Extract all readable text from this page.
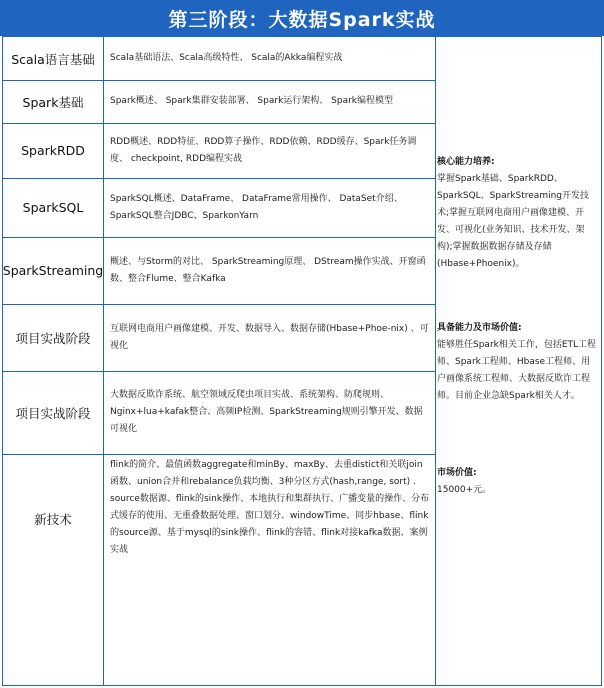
第三阶段：大数据Spark实战
Scala语言基础	Scala基础语法、Scala高级特性、 Scala的Akka编程实战
Spark基础	Spark概述、 Spark集群安装部署、 Spark运行架构、 Spark编程模型
SparkRDD
RDD概述、RDD特征、RDD算子操作、RDD依赖、RDD缓存、Spark任务调度、 checkpoint, RDD编程实战
SparkSQL
SparkSQL概述、DataFrame、 DataFrame常用操作、 DataSet介绍、SparkSQL整合JDBC、SparkonYarn
SparkStreaming
概述、与Storm的对比、 SparkStreaming原理、 DStream操作实战、开窗函数、整合Flume、整合Kafka
项目实战阶段
互联网电商用户画像建模、开发、数据导入、数据存储(Hbase+Phoe-nix) 、可视化
项目实战阶段
大数据反欺诈系统、航空领域反爬虫项目实战、系统架构、防爬规则、Nginx+lua+kafak整合、高频IP检测、SparkStreaming规则引擎开发、数据可视化
新技术
flink的简介、最值函数aggregate和minBy、maxBy、去重distict和关联join函数、union合并和rebalance负载均衡、3种分区方式(hash,range, sort) . source数据源、flink的sink操作、本地执行和集群执行、广播变量的操作、分布式缓存的使用、无重叠数据处理、窗口划分、windowTime、同步hbase、flink的source源、基于mysql的sink操作、flink的容错、flink对接kafka数据、案例实战
核心能力培养:
掌握Spark基础、SparkRDD、SparkSQL、SparkStreaming开发技术;掌握互联网电商用户画像建模、开发、可视化(业务知识、技术开发、架构);掌握数据数据存储及存储(Hbase+Phoenix)。
具备能力及市场价值:
能够胜任Spark相关工作，包括ETL工程师、Spark工程师、Hbase工程师、用户画像系统工程师、大数据反欺诈工程师。目前企业急缺Spark相关人才。
市场价值:
15000+元。
